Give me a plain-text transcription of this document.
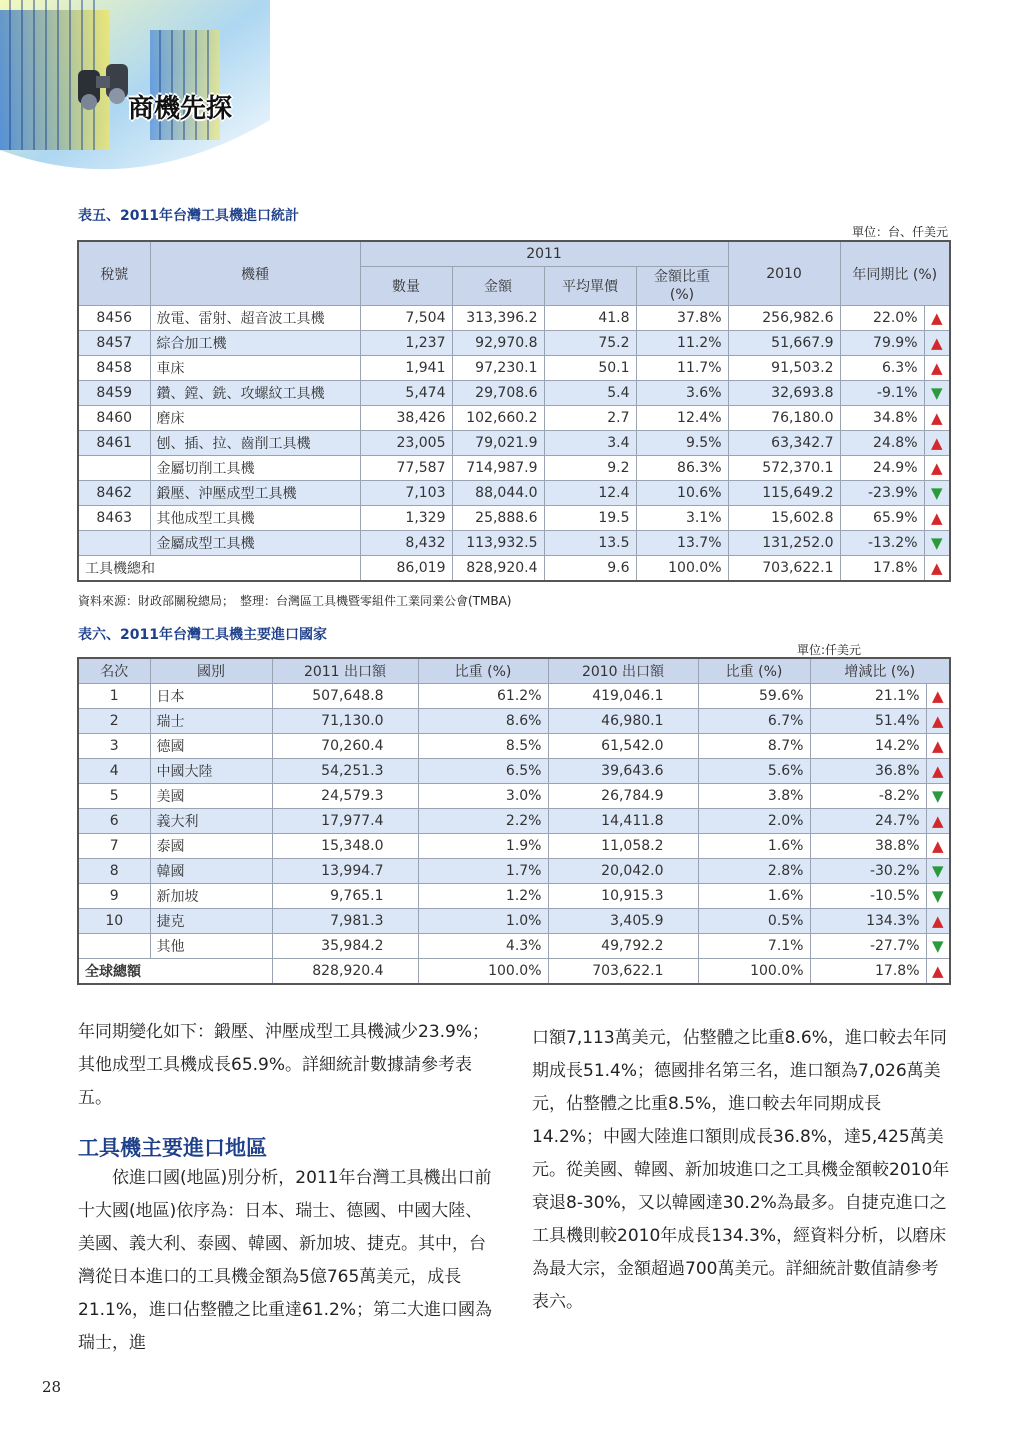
商機先探
表五、2011年台灣工具機進口統計
單位：台、仟美元
稅號	機種	2011				2010	年同期比 (%)	
		數量	金額	平均單價	金額比重
(%)			
8456	放電、雷射、超音波工具機	7,504	313,396.2	41.8	37.8%	256,982.6	22.0%	▲
8457	綜合加工機	1,237	92,970.8	75.2	11.2%	51,667.9	79.9%	▲
8458	車床	1,941	97,230.1	50.1	11.7%	91,503.2	6.3%	▲
8459	鑽、鏜、銑、攻螺紋工具機	5,474	29,708.6	5.4	3.6%	32,693.8	-9.1%	▼
8460	磨床	38,426	102,660.2	2.7	12.4%	76,180.0	34.8%	▲
8461	刨、插、拉、齒削工具機	23,005	79,021.9	3.4	9.5%	63,342.7	24.8%	▲
	金屬切削工具機	77,587	714,987.9	9.2	86.3%	572,370.1	24.9%	▲
8462	鍛壓、沖壓成型工具機	7,103	88,044.0	12.4	10.6%	115,649.2	-23.9%	▼
8463	其他成型工具機	1,329	25,888.6	19.5	3.1%	15,602.8	65.9%	▲
	金屬成型工具機	8,432	113,932.5	13.5	13.7%	131,252.0	-13.2%	▼
工具機總和		86,019	828,920.4	9.6	100.0%	703,622.1	17.8%	▲
資料來源：財政部關稅總局；　整理：台灣區工具機暨零組件工業同業公會(TMBA)
表六、2011年台灣工具機主要進口國家
單位:仟美元
名次	國別	2011 出口額	比重 (%)	2010 出口額	比重 (%)	增減比 (%)	
1	日本	507,648.8	61.2%	419,046.1	59.6%	21.1%	▲
2	瑞士	71,130.0	8.6%	46,980.1	6.7%	51.4%	▲
3	德國	70,260.4	8.5%	61,542.0	8.7%	14.2%	▲
4	中國大陸	54,251.3	6.5%	39,643.6	5.6%	36.8%	▲
5	美國	24,579.3	3.0%	26,784.9	3.8%	-8.2%	▼
6	義大利	17,977.4	2.2%	14,411.8	2.0%	24.7%	▲
7	泰國	15,348.0	1.9%	11,058.2	1.6%	38.8%	▲
8	韓國	13,994.7	1.7%	20,042.0	2.8%	-30.2%	▼
9	新加坡	9,765.1	1.2%	10,915.3	1.6%	-10.5%	▼
10	捷克	7,981.3	1.0%	3,405.9	0.5%	134.3%	▲
	其他	35,984.2	4.3%	49,792.2	7.1%	-27.7%	▼
全球總額		828,920.4	100.0%	703,622.1	100.0%	17.8%	▲

年同期變化如下：鍛壓、沖壓成型工具機減少23.9%；其他成型工具機成長65.9%。詳細統計數據請參考表五。

工具機主要進口地區

　　依進口國(地區)別分析，2011年台灣工具機出口前十大國(地區)依序為：日本、瑞士、德國、中國大陸、美國、義大利、泰國、韓國、新加坡、捷克。其中，台灣從日本進口的工具機金額為5億765萬美元，成長21.1%，進口佔整體之比重達61.2%；第二大進口國為瑞士，進

口額7,113萬美元，佔整體之比重8.6%，進口較去年同期成長51.4%；德國排名第三名，進口額為7,026萬美元，佔整體之比重8.5%，進口較去年同期成長14.2%；中國大陸進口額則成長36.8%，達5,425萬美元。從美國、韓國、新加坡進口之工具機金額較2010年衰退8-30%，又以韓國達30.2%為最多。自捷克進口之工具機則較2010年成長134.3%，經資料分析，以磨床為最大宗，金額超過700萬美元。詳細統計數值請參考表六。

28
